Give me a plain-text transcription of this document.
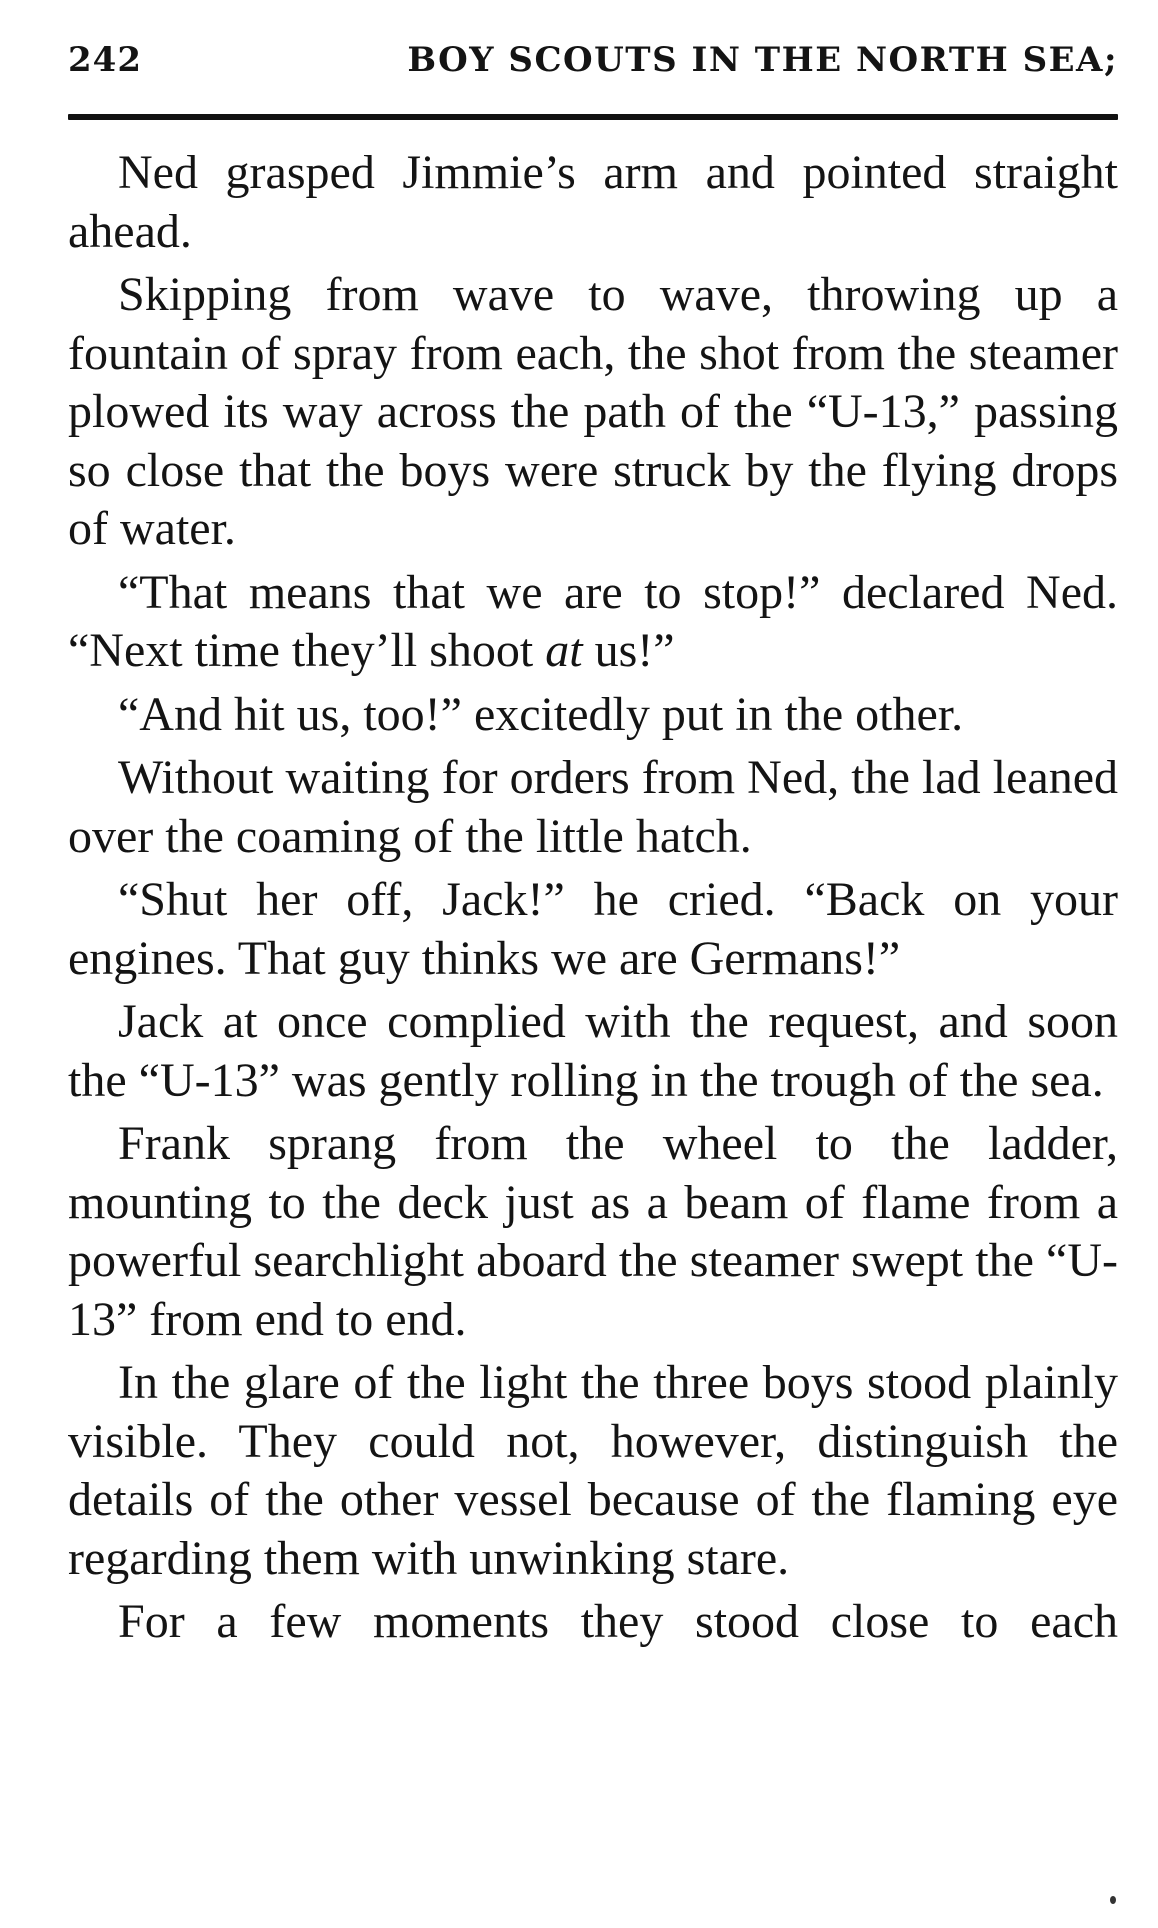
242	BOY SCOUTS IN THE NORTH SEA;

Ned grasped Jimmie’s arm and pointed straight ahead.

Skipping from wave to wave, throwing up a fountain of spray from each, the shot from the steamer plowed its way across the path of the “U-13,” passing so close that the boys were struck by the flying drops of water.

“That means that we are to stop!” declared Ned. “Next time they’ll shoot at us!”

“And hit us, too!” excitedly put in the other.

Without waiting for orders from Ned, the lad leaned over the coaming of the little hatch.

“Shut her off, Jack!” he cried. “Back on your engines. That guy thinks we are Germans!”

Jack at once complied with the request, and soon the “U-13” was gently rolling in the trough of the sea.

Frank sprang from the wheel to the ladder, mounting to the deck just as a beam of flame from a powerful searchlight aboard the steamer swept the “U-13” from end to end.

In the glare of the light the three boys stood plainly visible. They could not, however, distinguish the details of the other vessel because of the flaming eye regarding them with unwinking stare.

For a few moments they stood close to each
